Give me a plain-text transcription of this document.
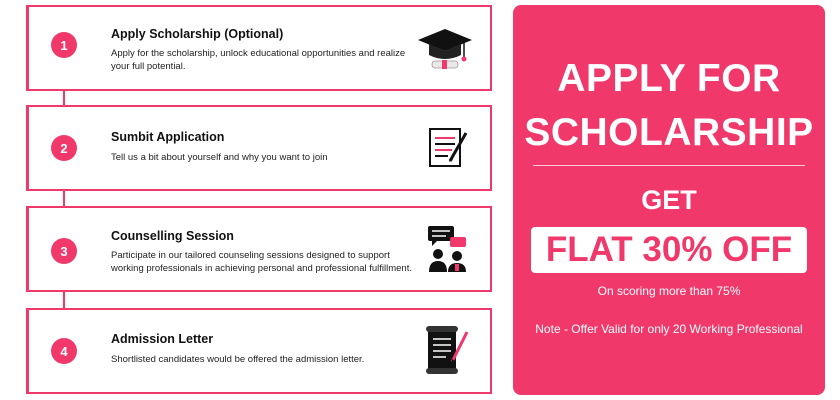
Apply Scholarship (Optional)
Apply for the scholarship, unlock educational opportunities and realize your full potential.
1
Sumbit Application
Tell us a bit about yourself and why you want to join
2
Counselling Session
Participate in our tailored counseling sessions designed to support working professionals in achieving personal and professional fulfillment.
3
Admission Letter
Shortlisted candidates would be offered the admission letter.
4
APPLY FOR
SCHOLARSHIP
GET
FLAT 30% OFF
On scoring more than 75%
Note - Offer Valid for only 20 Working Professional
